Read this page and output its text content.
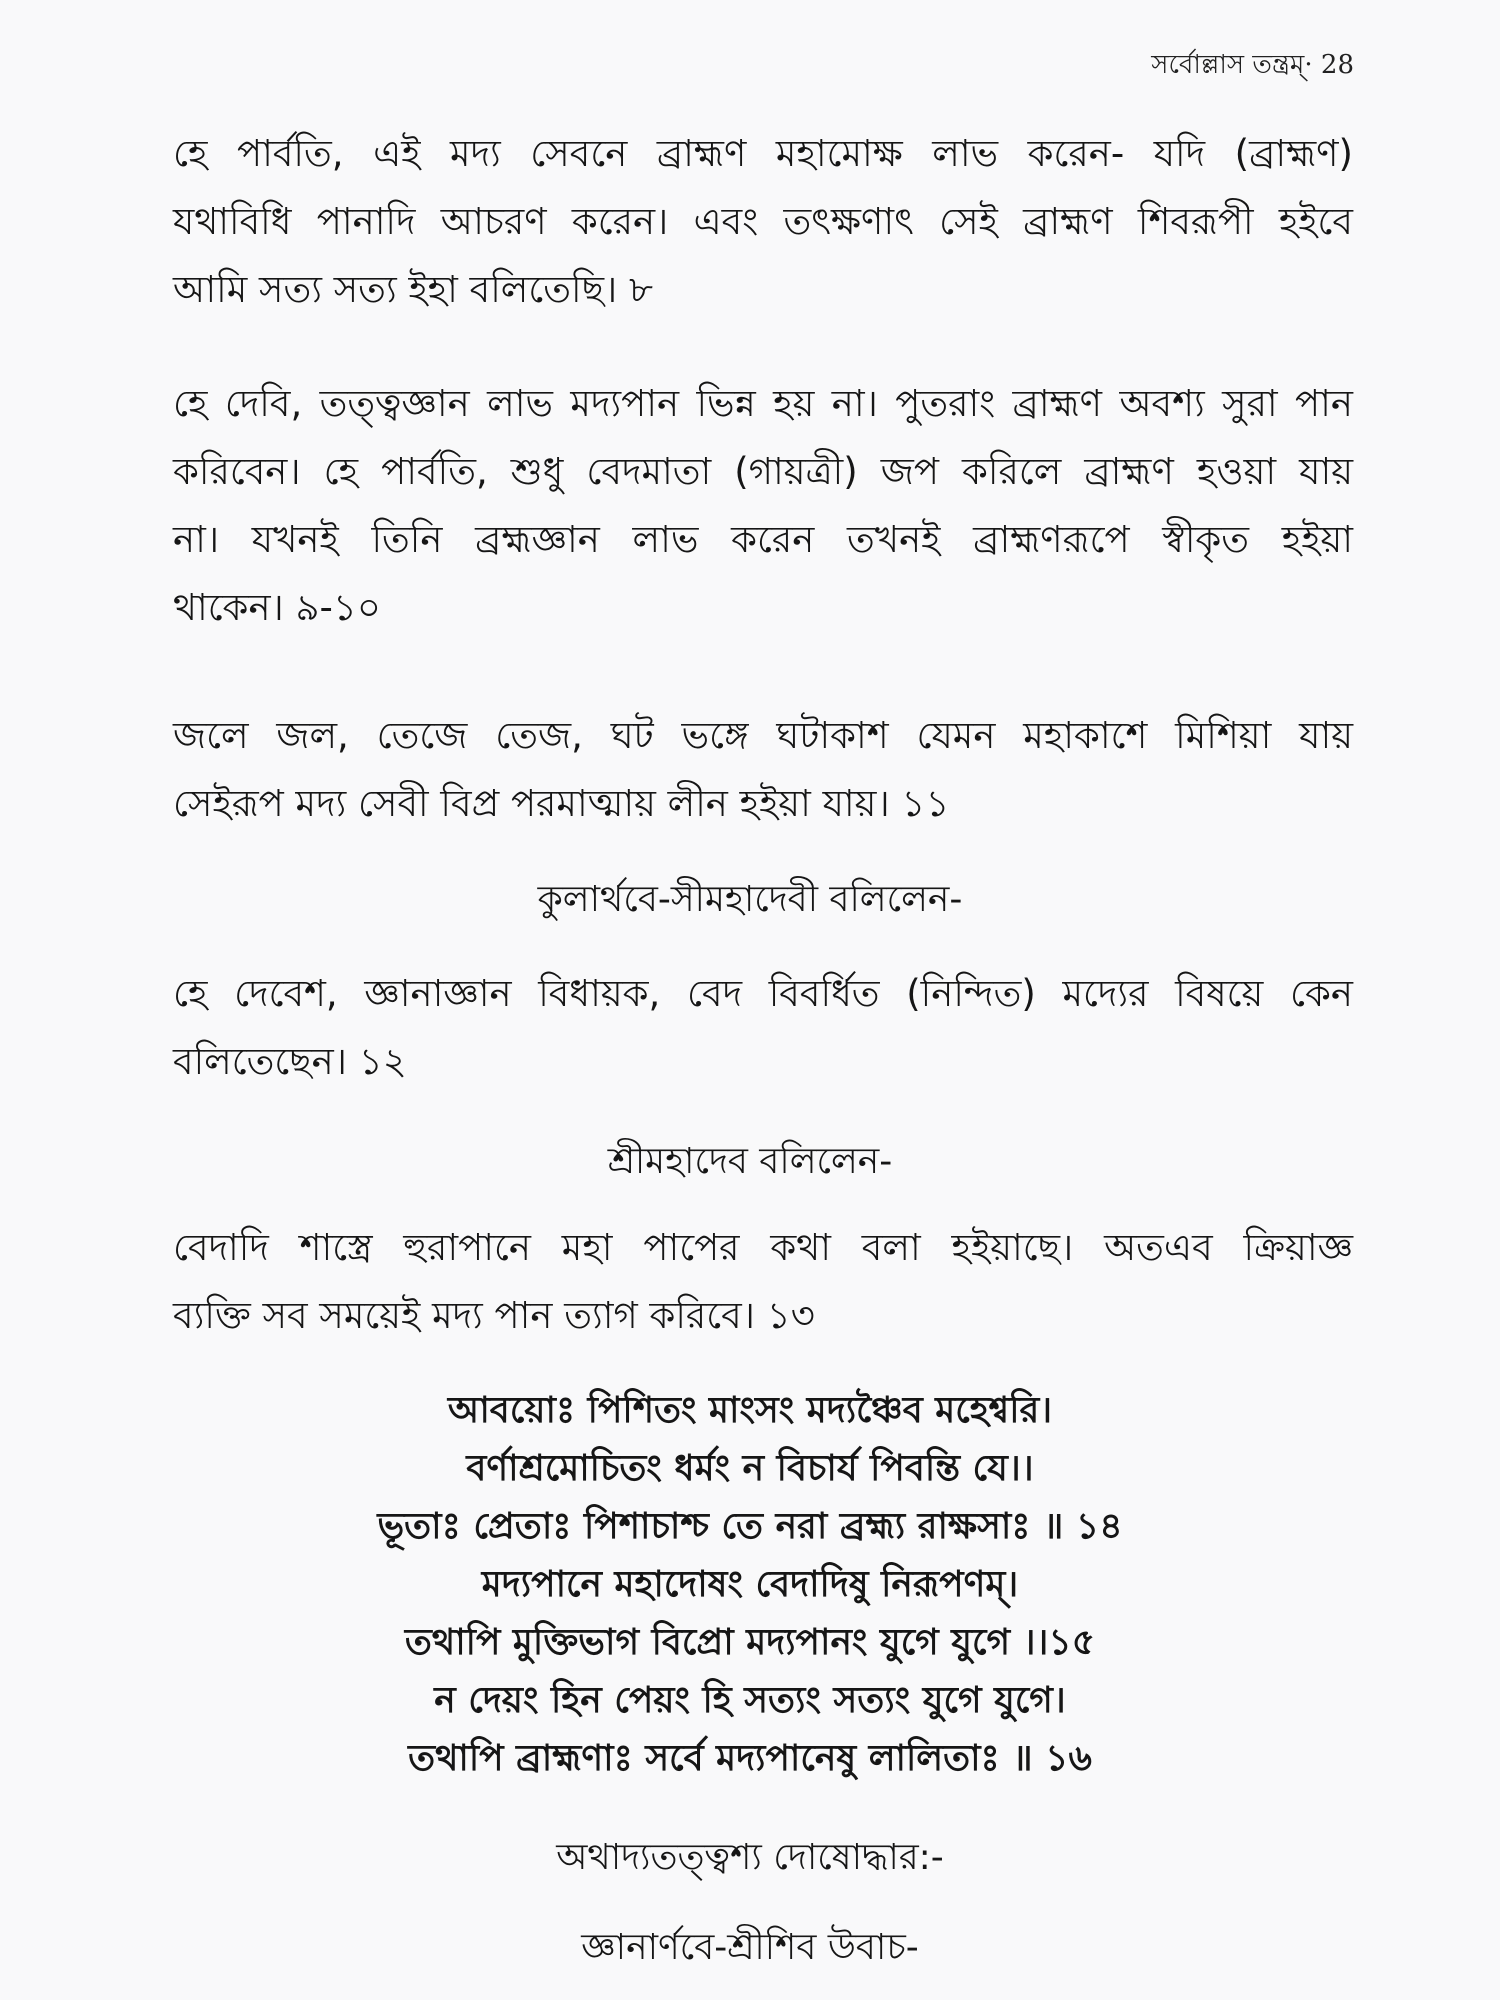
সর্বোল্লাস তন্ত্রম্‌· 28
হে পার্বতি, এই মদ্য সেবনে ব্রাহ্মণ মহামোক্ষ লাভ করেন- যদি (ব্রাহ্মণ)
যথাবিধি পানাদি আচরণ করেন। এবং তৎক্ষণাৎ সেই ব্রাহ্মণ শিবরূপী হইবে
আমি সত্য সত্য ইহা বলিতেছি। ৮
হে দেবি, তত্ত্বজ্ঞান লাভ মদ্যপান ভিন্ন হয় না। পুতরাং ব্রাহ্মণ অবশ্য সুরা পান
করিবেন। হে পার্বতি, শুধু বেদমাতা (গায়ত্রী) জপ করিলে ব্রাহ্মণ হওয়া যায়
না। যখনই তিনি ব্রহ্মজ্ঞান লাভ করেন তখনই ব্রাহ্মণরূপে স্বীকৃত হইয়া
থাকেন। ৯-১০
জলে জল, তেজে তেজ, ঘট ভঙ্গে ঘটাকাশ যেমন মহাকাশে মিশিয়া যায়
সেইরূপ মদ্য সেবী বিপ্র পরমাত্মায় লীন হইয়া যায়। ১১
কুলার্থবে-সীমহাদেবী বলিলেন-
হে দেবেশ, জ্ঞানাজ্ঞান বিধায়ক, বেদ বিবর্ধিত (নিন্দিত) মদ্যের বিষয়ে কেন
বলিতেছেন। ১২
শ্রীমহাদেব বলিলেন-
বেদাদি শাস্ত্রে হুরাপানে মহা পাপের কথা বলা হইয়াছে। অতএব ক্রিয়াজ্ঞ
ব্যক্তি সব সময়েই মদ্য পান ত্যাগ করিবে। ১৩
আবয়োঃ পিশিতং মাংসং মদ্যঞ্চৈব মহেশ্বরি।
বর্ণাশ্রমোচিতং ধর্মং ন বিচার্য পিবন্তি যে।।
ভূতাঃ প্রেতাঃ পিশাচাশ্চ তে নরা ব্রহ্ম্য রাক্ষসাঃ ॥ ১৪
মদ্যপানে মহাদোষং বেদাদিষু নিরূপণম্।
তথাপি মুক্তিভাগ বিপ্রো মদ্যপানং যুগে যুগে ।।১৫
ন দেয়ং হিন পেয়ং হি সত্যং সত্যং যুগে যুগে।
তথাপি ব্রাহ্মণাঃ সর্বে মদ্যপানেষু লালিতাঃ ॥ ১৬
অথাদ্যতত্ত্বশ্য দোষোদ্ধার:-
জ্ঞানার্ণবে-শ্রীশিব উবাচ-
